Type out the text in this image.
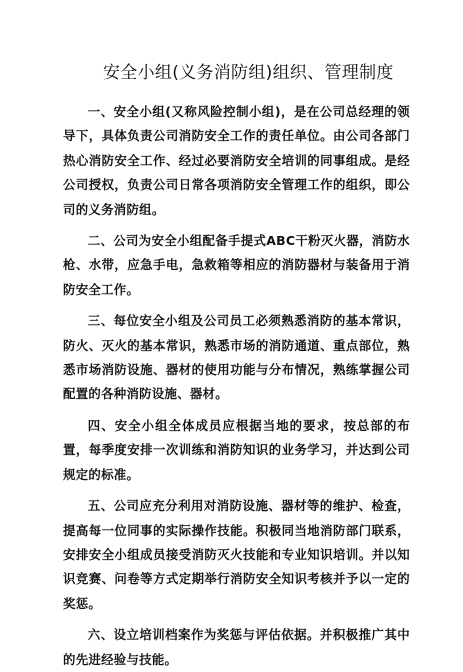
安全小组(义务消防组)组织、管理制度

一、安全小组(又称风险控制小组)，是在公司总经理的领导下，具体负责公司消防安全工作的责任单位。由公司各部门热心消防安全工作、经过必要消防安全培训的同事组成。是经公司授权，负责公司日常各项消防安全管理工作的组织，即公司的义务消防组。

二、公司为安全小组配备手提式ABC干粉灭火器，消防水枪、水带，应急手电，急救箱等相应的消防器材与装备用于消防安全工作。

三、每位安全小组及公司员工必须熟悉消防的基本常识，防火、灭火的基本常识，熟悉市场的消防通道、重点部位，熟悉市场消防设施、器材的使用功能与分布情况，熟练掌握公司配置的各种消防设施、器材。

四、安全小组全体成员应根据当地的要求，按总部的布置，每季度安排一次训练和消防知识的业务学习，并达到公司规定的标准。

五、公司应充分利用对消防设施、器材等的维护、检查，提高每一位同事的实际操作技能。积极同当地消防部门联系，安排安全小组成员接受消防灭火技能和专业知识培训。并以知识竞赛、问卷等方式定期举行消防安全知识考核并予以一定的奖惩。

六、设立培训档案作为奖惩与评估依据。并积极推广其中的先进经验与技能。
